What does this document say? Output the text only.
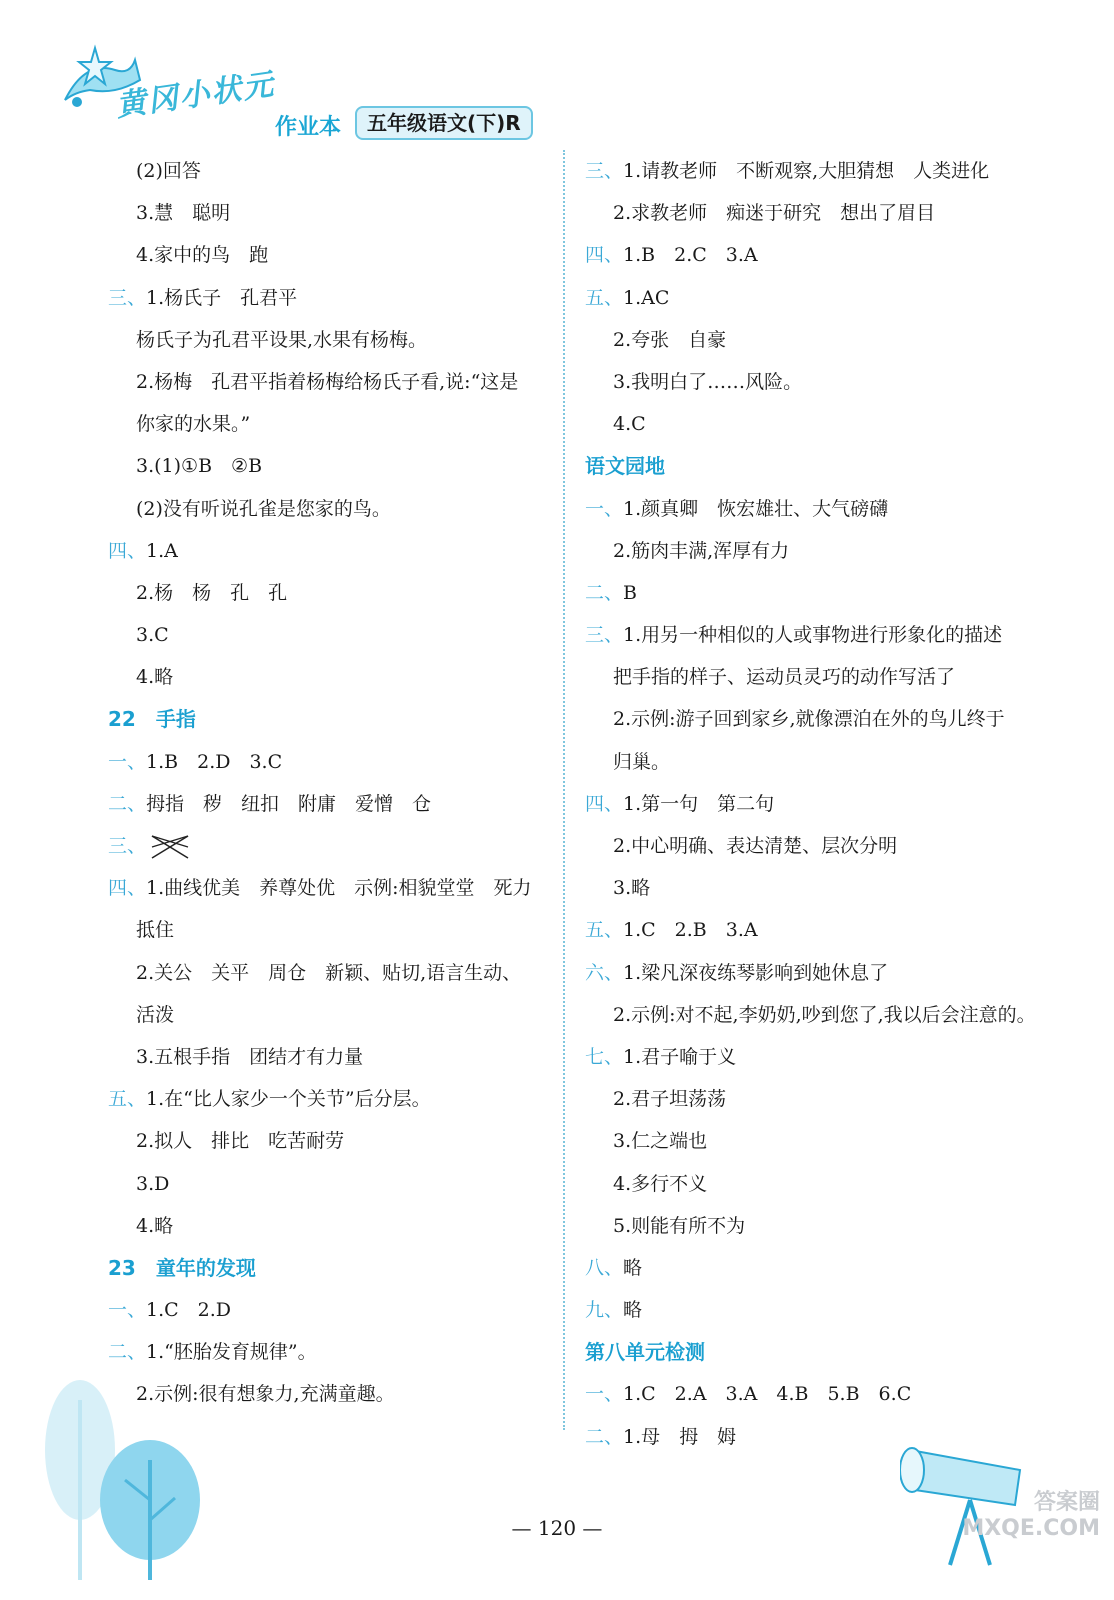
黄冈小状元
作业本	五年级语文(下)R
(2)回答
3.慧　聪明
4.家中的鸟　跑
三、1.杨氏子　孔君平
杨氏子为孔君平设果,水果有杨梅。
2.杨梅　孔君平指着杨梅给杨氏子看,说:“这是
你家的水果。”
3.(1)①B　②B
(2)没有听说孔雀是您家的鸟。
四、1.A
2.杨　杨　孔　孔
3.C
4.略
22　手指
一、1.B　2.D　3.C
二、拇指　秽　纽扣　附庸　爱憎　仓
三、
四、1.曲线优美　养尊处优　示例:相貌堂堂　死力
抵住
2.关公　关平　周仓　新颖、贴切,语言生动、
活泼
3.五根手指　团结才有力量
五、1.在“比人家少一个关节”后分层。
2.拟人　排比　吃苦耐劳
3.D
4.略
23　童年的发现
一、1.C　2.D
二、1.“胚胎发育规律”。
2.示例:很有想象力,充满童趣。
三、1.请教老师　不断观察,大胆猜想　人类进化
2.求教老师　痴迷于研究　想出了眉目
四、1.B　2.C　3.A
五、1.AC
2.夸张　自豪
3.我明白了……风险。
4.C
语文园地
一、1.颜真卿　恢宏雄壮、大气磅礴
2.筋肉丰满,浑厚有力
二、B
三、1.用另一种相似的人或事物进行形象化的描述
把手指的样子、运动员灵巧的动作写活了
2.示例:游子回到家乡,就像漂泊在外的鸟儿终于
归巢。
四、1.第一句　第二句
2.中心明确、表达清楚、层次分明
3.略
五、1.C　2.B　3.A
六、1.梁凡深夜练琴影响到她休息了
2.示例:对不起,李奶奶,吵到您了,我以后会注意的。
七、1.君子喻于义
2.君子坦荡荡
3.仁之端也
4.多行不义
5.则能有所不为
八、略
九、略
第八单元检测
一、1.C　2.A　3.A　4.B　5.B　6.C
二、1.母　拇　姆
— 120 —
答案圈 MXQE.COM
